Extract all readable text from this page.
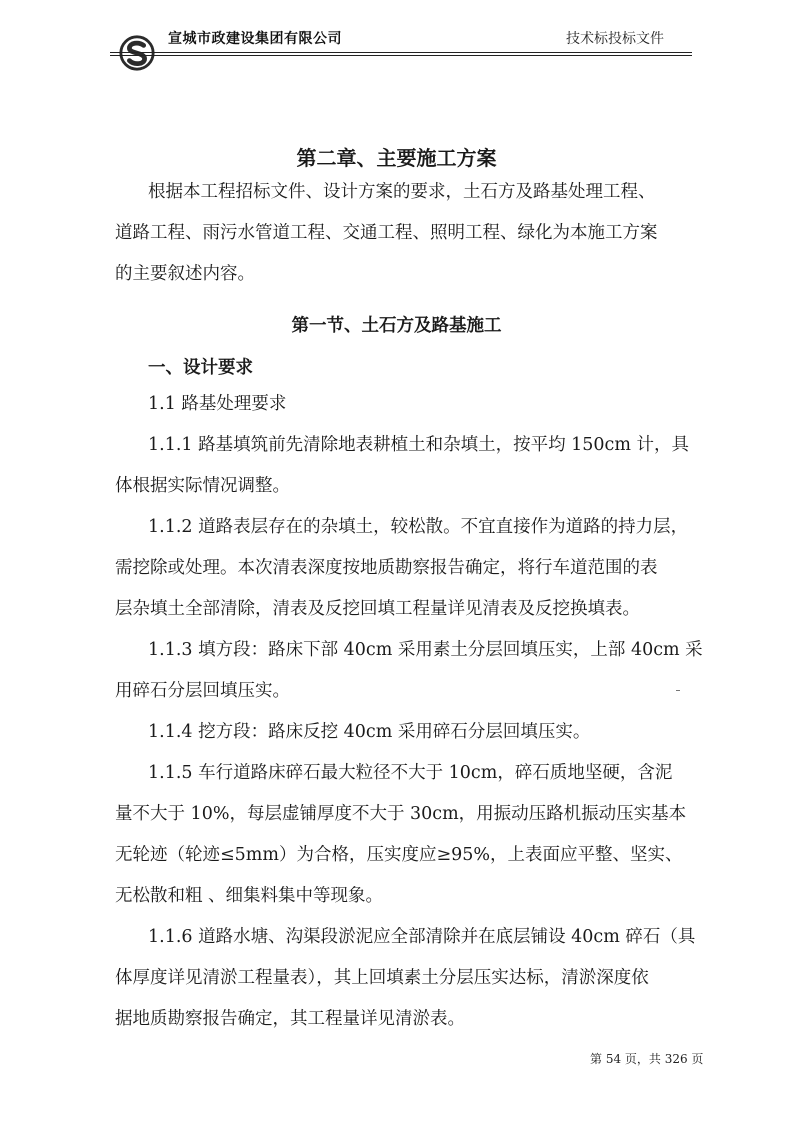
宣城市政建设集团有限公司	技术标投标文件
第二章、主要施工方案
根据本工程招标文件、设计方案的要求，土石方及路基处理工程、
道路工程、雨污水管道工程、交通工程、照明工程、绿化为本施工方案
的主要叙述内容。
第一节、土石方及路基施工
一、设计要求
1.1 路基处理要求
1.1.1 路基填筑前先清除地表耕植土和杂填土，按平均 150cm 计，具
体根据实际情况调整。
1.1.2 道路表层存在的杂填土，较松散。不宜直接作为道路的持力层，
需挖除或处理。本次清表深度按地质勘察报告确定，将行车道范围的表
层杂填土全部清除，清表及反挖回填工程量详见清表及反挖换填表。
1.1.3 填方段：路床下部 40cm 采用素土分层回填压实，上部 40cm 采
用碎石分层回填压实。
1.1.4 挖方段：路床反挖 40cm 采用碎石分层回填压实。
1.1.5 车行道路床碎石最大粒径不大于 10cm，碎石质地坚硬，含泥
量不大于 10%，每层虚铺厚度不大于 30cm，用振动压路机振动压实基本
无轮迹（轮迹≤5mm）为合格，压实度应≥95%，上表面应平整、坚实、
无松散和粗 、细集料集中等现象。
1.1.6 道路水塘、沟渠段淤泥应全部清除并在底层铺设 40cm 碎石（具
体厚度详见清淤工程量表），其上回填素土分层压实达标，清淤深度依
据地质勘察报告确定，其工程量详见清淤表。
第 54 页，共 326 页
